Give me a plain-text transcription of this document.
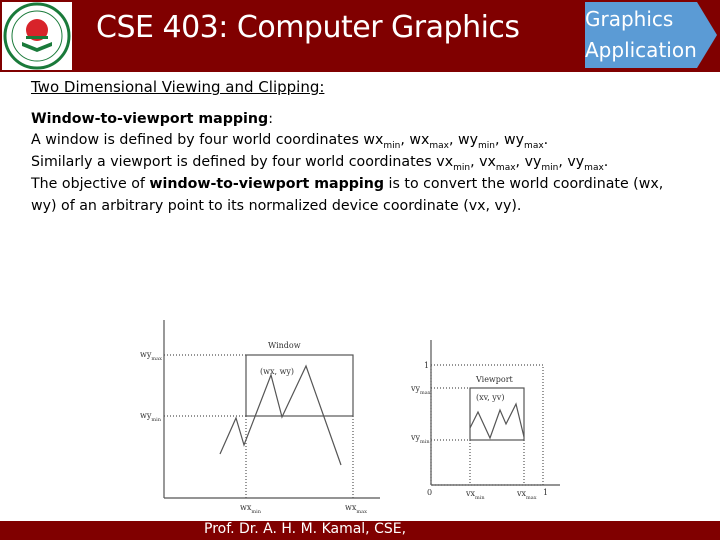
CSE 403: Computer Graphics	Graphics
Application
Two Dimensional Viewing and Clipping:
Window-to-viewport mapping:
A window is defined by four world coordinates $wx_{min}$, $wx_{max}$, $wy_{min}$, $wy_{max}$.
Similarly a viewport is defined by four world coordinates $vx_{min}$, $vx_{max}$, $vy_{min}$, $vy_{max}$.
The objective of window-to-viewport mapping is to convert the world coordinate (wx,
wy) of an arbitrary point to its normalized device coordinate (vx, vy).
Window
(wx, wy)
$wy_{max}$
$wy_{min}$
$wx_{min}$	$wx_{max}$
Viewport
(xv, yv)
$vy_{max}$
$vy_{min}$
$vx_{min}$	$vx_{max}$
0	1
1
Prof. Dr. A. H. M. Kamal, CSE,
